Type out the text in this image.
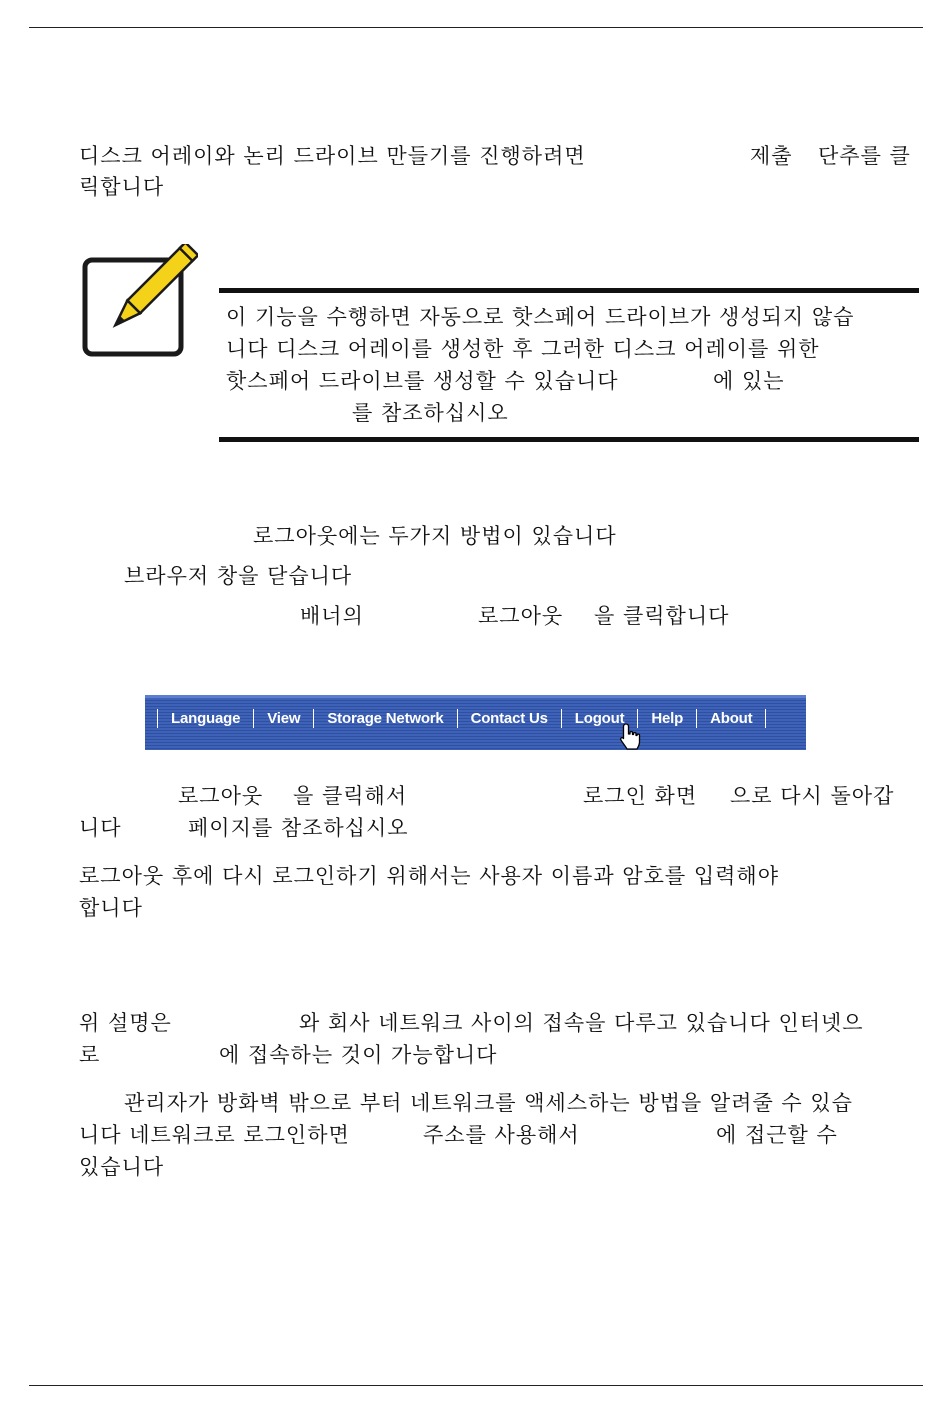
디스크 어레이와 논리 드라이브 만들기를 진행하려면	제출 단추를 클
릭합니다
이 기능을 수행하면 자동으로 핫스페어 드라이브가 생성되지 않습
니다 디스크 어레이를 생성한 후 그러한 디스크 어레이를 위한
핫스페어 드라이브를 생성할 수 있습니다	에 있는
를 참조하십시오
로그아웃에는 두가지 방법이 있습니다
브라우저 창을 닫습니다
배너의	로그아웃 을 클릭합니다
Language	View	Storage Network	Contact Us	Logout	Help	About
로그아웃 을 클릭해서	로그인 화면 으로 다시 돌아갑
니다	페이지를 참조하십시오
로그아웃 후에 다시 로그인하기 위해서는 사용자 이름과 암호를 입력해야
합니다
위 설명은	와 회사 네트워크 사이의 접속을 다루고 있습니다 인터넷으
로	에 접속하는 것이 가능합니다
관리자가 방화벽 밖으로 부터 네트워크를 액세스하는 방법을 알려줄 수 있습
니다 네트워크로 로그인하면	주소를 사용해서	에 접근할 수
있습니다
